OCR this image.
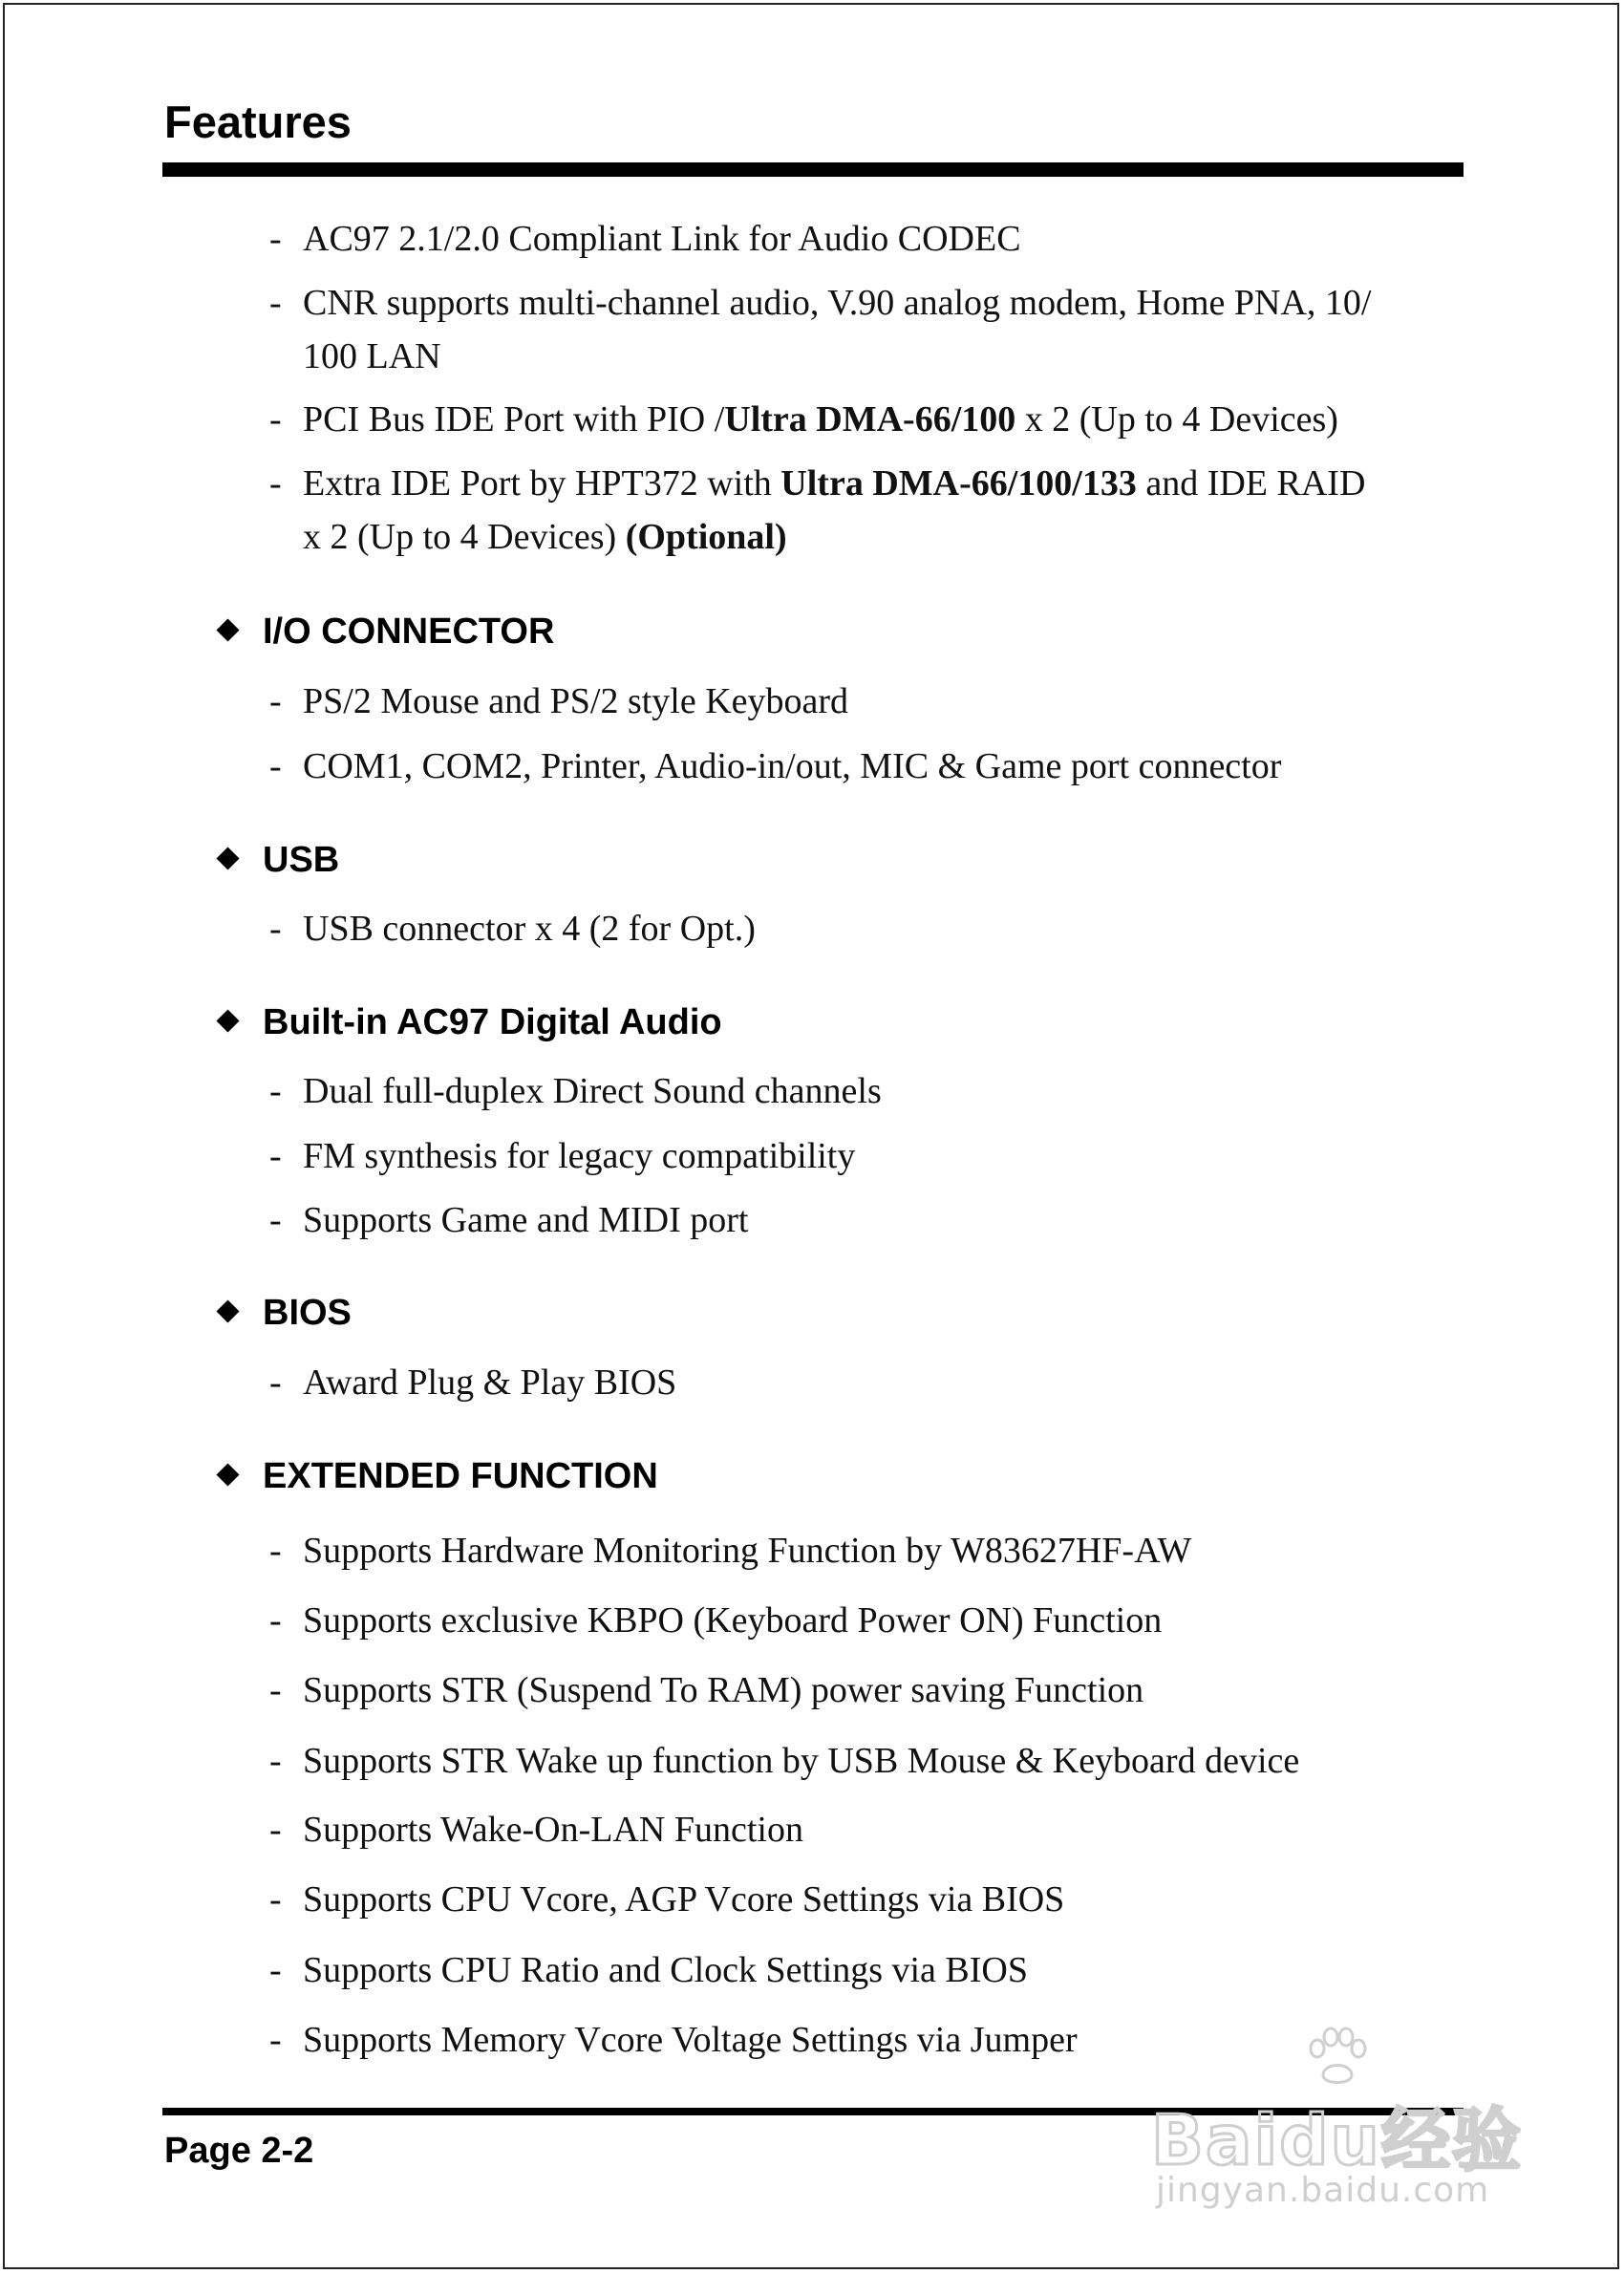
Features
- AC97 2.1/2.0 Compliant Link for Audio CODEC
- CNR supports multi-channel audio, V.90 analog modem, Home PNA, 10/
100 LAN
- PCI Bus IDE Port with PIO /Ultra DMA-66/100 x 2 (Up to 4 Devices)
- Extra IDE Port by HPT372 with Ultra DMA-66/100/133 and IDE RAID
x 2 (Up to 4 Devices) (Optional)
I/O CONNECTOR
- PS/2 Mouse and PS/2 style Keyboard
- COM1, COM2, Printer, Audio-in/out, MIC & Game port connector
USB
- USB connector x 4 (2 for Opt.)
Built-in AC97 Digital Audio
- Dual full-duplex Direct Sound channels
- FM synthesis for legacy compatibility
- Supports Game and MIDI port
BIOS
- Award Plug & Play BIOS
EXTENDED FUNCTION
- Supports Hardware Monitoring Function by W83627HF-AW
- Supports exclusive KBPO (Keyboard Power ON) Function
- Supports STR (Suspend To RAM) power saving Function
- Supports STR Wake up function by USB Mouse & Keyboard device
- Supports Wake-On-LAN Function
- Supports CPU Vcore, AGP Vcore Settings via BIOS
- Supports CPU Ratio and Clock Settings via BIOS
- Supports Memory Vcore Voltage Settings via Jumper
Page 2-2	Baidu经验
jingyan.baidu.com
